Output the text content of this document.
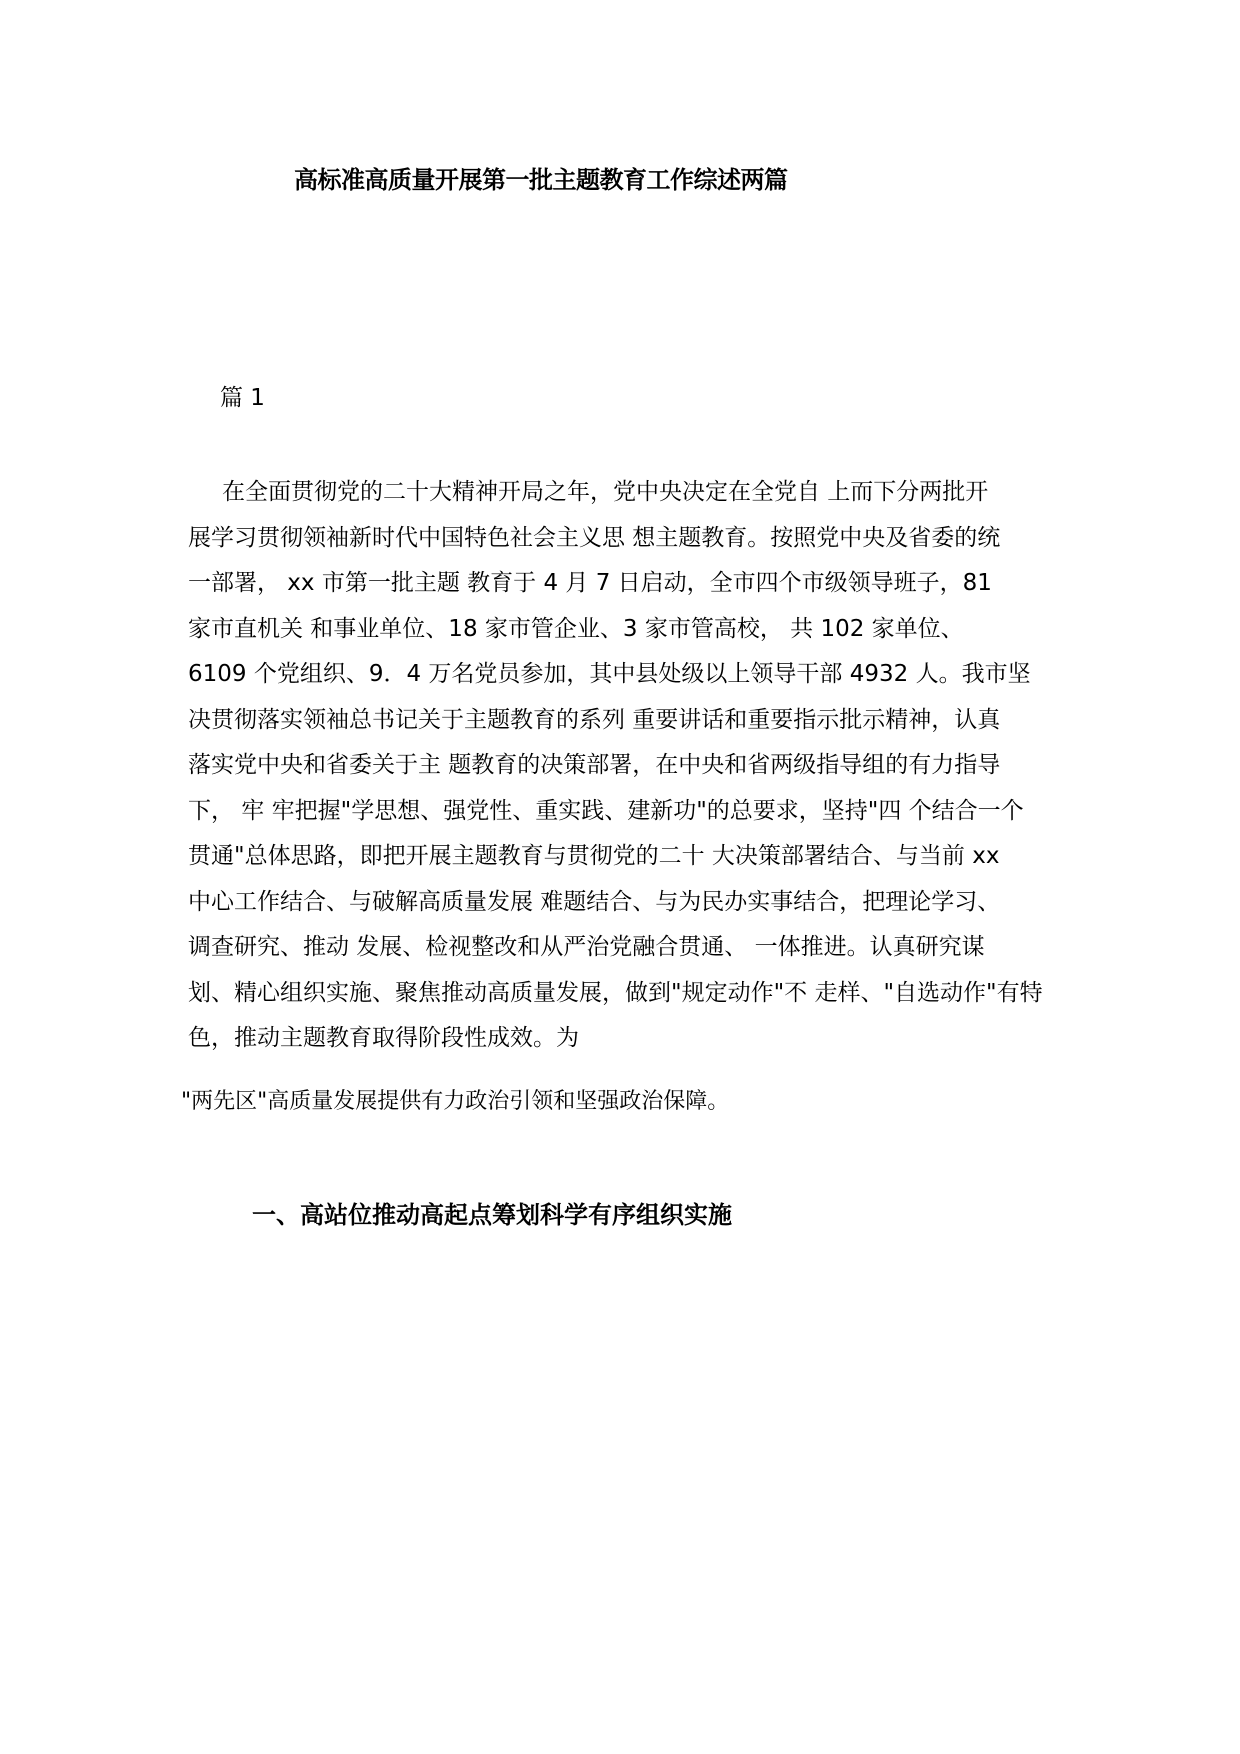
高标准高质量开展第一批主题教育工作综述两篇
篇 1
在全面贯彻党的二十大精神开局之年，党中央决定在全党自 上而下分两批开
展学习贯彻领袖新时代中国特色社会主义思 想主题教育。按照党中央及省委的统
一部署， xx 市第一批主题 教育于 4 月 7 日启动，全市四个市级领导班子，81
家市直机关 和事业单位、18 家市管企业、3 家市管高校， 共 102 家单位、
6109 个党组织、9．4 万名党员参加，其中县处级以上领导干部 4932 人。我市坚
决贯彻落实领袖总书记关于主题教育的系列 重要讲话和重要指示批示精神，认真
落实党中央和省委关于主 题教育的决策部署，在中央和省两级指导组的有力指导
下， 牢 牢把握"学思想、强党性、重实践、建新功"的总要求，坚持"四 个结合一个
贯通"总体思路，即把开展主题教育与贯彻党的二十 大决策部署结合、与当前 xx
中心工作结合、与破解高质量发展 难题结合、与为民办实事结合，把理论学习、
调查研究、推动 发展、检视整改和从严治党融合贯通、 一体推进。认真研究谋
划、精心组织实施、聚焦推动高质量发展，做到"规定动作"不 走样、"自选动作"有特
色，推动主题教育取得阶段性成效。为
"两先区"高质量发展提供有力政治引领和坚强政治保障。
一、高站位推动高起点筹划科学有序组织实施
